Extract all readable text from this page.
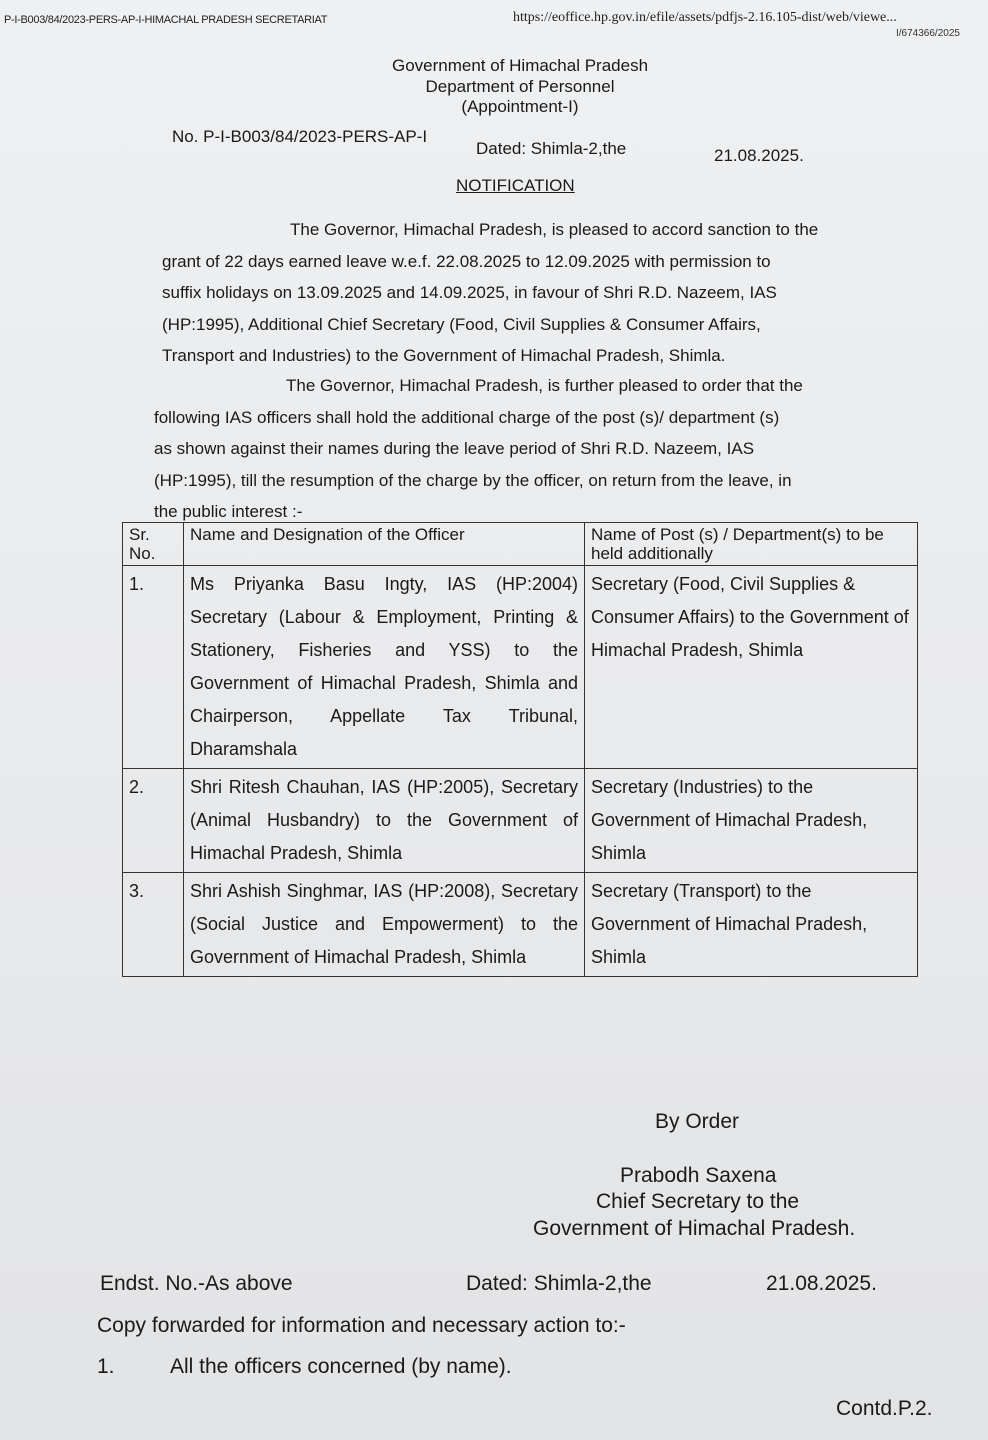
P-I-B003/84/2023-PERS-AP-I-HIMACHAL PRADESH SECRETARIAT	https://eoffice.hp.gov.in/efile/assets/pdfjs-2.16.105-dist/web/viewe...
I/674366/2025
Government of Himachal Pradesh
Department of Personnel
(Appointment-I)
No. P-I-B003/84/2023-PERS-AP-I
Dated: Shimla-2,the	21.08.2025.
NOTIFICATION
The Governor, Himachal Pradesh, is pleased to accord sanction to the
grant of 22 days earned leave w.e.f. 22.08.2025 to 12.09.2025 with permission to
suffix holidays on 13.09.2025 and 14.09.2025, in favour of Shri R.D. Nazeem, IAS
(HP:1995), Additional Chief Secretary (Food, Civil Supplies & Consumer Affairs,
Transport and Industries) to the Government of Himachal Pradesh, Shimla.
The Governor, Himachal Pradesh, is further pleased to order that the
following IAS officers shall hold the additional charge of the post (s)/ department (s)
as shown against their names during the leave period of Shri R.D. Nazeem, IAS
(HP:1995), till the resumption of the charge by the officer, on return from the leave, in
the public interest :-
Sr. No.	Name and Designation of the Officer	Name of Post (s) / Department(s) to be held additionally
1.	Ms Priyanka Basu Ingty, IAS (HP:2004) Secretary (Labour & Employment, Printing & Stationery, Fisheries and YSS) to the Government of Himachal Pradesh, Shimla and Chairperson, Appellate Tax Tribunal, Dharamshala	Secretary (Food, Civil Supplies & Consumer Affairs) to the Government of Himachal Pradesh, Shimla
2.	Shri Ritesh Chauhan, IAS (HP:2005), Secretary (Animal Husbandry) to the Government of Himachal Pradesh, Shimla	Secretary (Industries) to the Government of Himachal Pradesh, Shimla
3.	Shri Ashish Singhmar, IAS (HP:2008), Secretary (Social Justice and Empowerment) to the Government of Himachal Pradesh, Shimla	Secretary (Transport) to the Government of Himachal Pradesh, Shimla
By Order
Prabodh Saxena
Chief Secretary to the
Government of Himachal Pradesh.
Endst. No.-As above	Dated: Shimla-2,the	21.08.2025.
Copy forwarded for information and necessary action to:-
1.	All the officers concerned (by name).
Contd.P.2.
